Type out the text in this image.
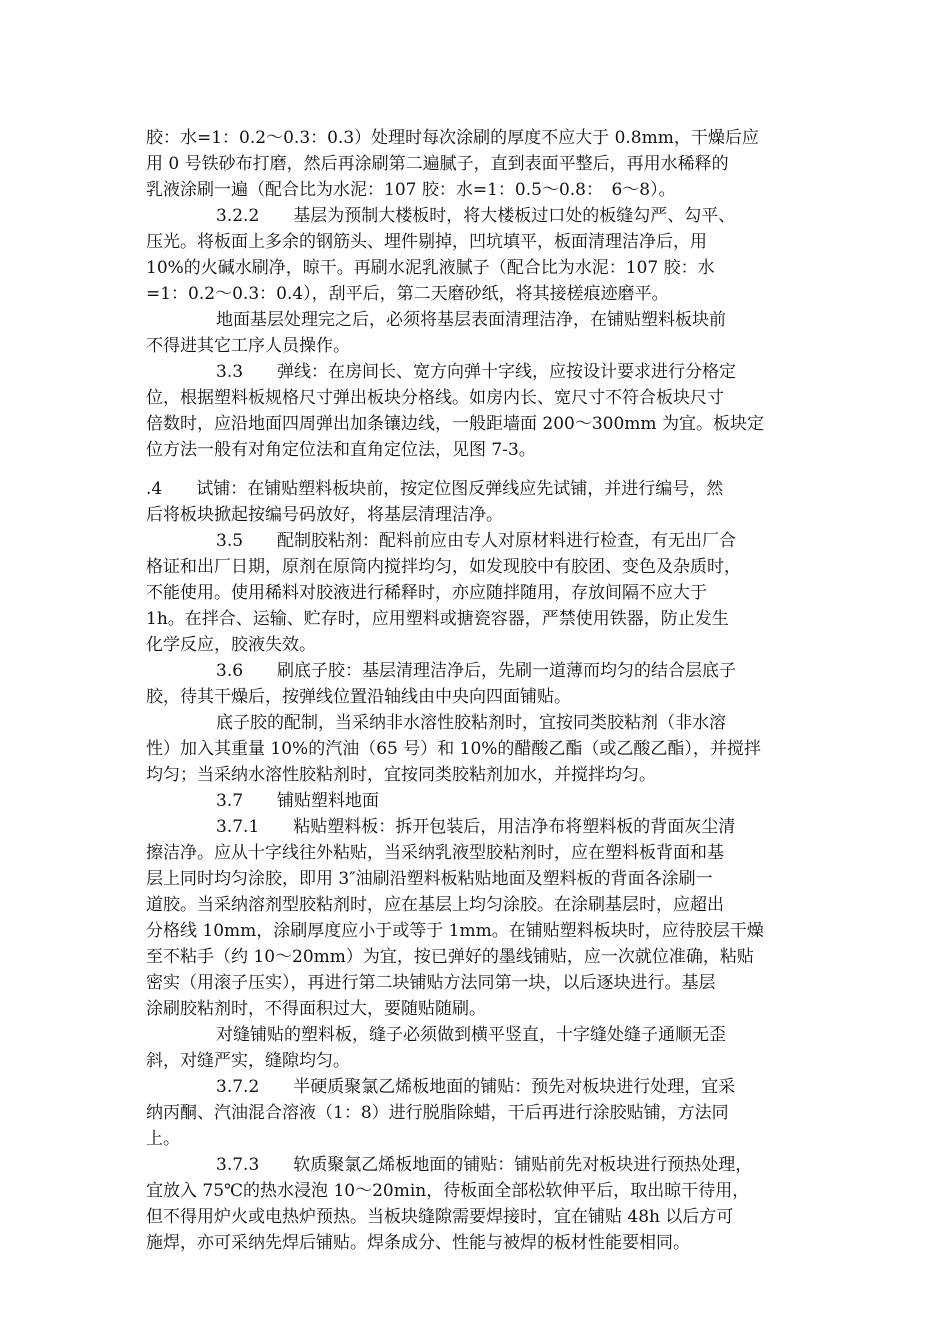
胶：水=1：0.2～0.3：0.3）处理时每次涂刷的厚度不应大于 0.8mm，干燥后应
用 0 号铁砂布打磨，然后再涂刷第二遍腻子，直到表面平整后，再用水稀释的
乳液涂刷一遍（配合比为水泥：107 胶：水=1：0.5～0.8：　6～8）。
3.2.2　　基层为预制大楼板时，将大楼板过口处的板缝勾严、勾平、
压光。将板面上多余的钢筋头、埋件剔掉，凹坑填平，板面清理洁净后，用
10%的火碱水刷净，晾干。再刷水泥乳液腻子（配合比为水泥：107 胶：水
=1：0.2～0.3：0.4），刮平后，第二天磨砂纸，将其接槎痕迹磨平。
地面基层处理完之后，必须将基层表面清理洁净，在铺贴塑料板块前
不得进其它工序人员操作。
3.3　　弹线：在房间长、宽方向弹十字线，应按设计要求进行分格定
位，根据塑料板规格尺寸弹出板块分格线。如房内长、宽尺寸不符合板块尺寸
倍数时，应沿地面四周弹出加条镶边线，一般距墙面 200～300mm 为宜。板块定
位方法一般有对角定位法和直角定位法，见图 7-3。
.4　　试铺：在铺贴塑料板块前，按定位图反弹线应先试铺，并进行编号，然
后将板块掀起按编号码放好，将基层清理洁净。
3.5　　配制胶粘剂：配料前应由专人对原材料进行检查，有无出厂合
格证和出厂日期，原剂在原筒内搅拌均匀，如发现胶中有胶团、变色及杂质时，
不能使用。使用稀料对胶液进行稀释时，亦应随拌随用，存放间隔不应大于
1h。在拌合、运输、贮存时，应用塑料或搪瓷容器，严禁使用铁器，防止发生
化学反应，胶液失效。
3.6　　刷底子胶：基层清理洁净后，先刷一道薄而均匀的结合层底子
胶，待其干燥后，按弹线位置沿轴线由中央向四面铺贴。
底子胶的配制，当采纳非水溶性胶粘剂时，宜按同类胶粘剂（非水溶
性）加入其重量 10%的汽油（65 号）和 10%的醋酸乙酯（或乙酸乙酯），并搅拌
均匀；当采纳水溶性胶粘剂时，宜按同类胶粘剂加水，并搅拌均匀。
3.7　　铺贴塑料地面
3.7.1　　粘贴塑料板：拆开包装后，用洁净布将塑料板的背面灰尘清
擦洁净。应从十字线往外粘贴，当采纳乳液型胶粘剂时，应在塑料板背面和基
层上同时均匀涂胶，即用 3″油刷沿塑料板粘贴地面及塑料板的背面各涂刷一
道胶。当采纳溶剂型胶粘剂时，应在基层上均匀涂胶。在涂刷基层时，应超出
分格线 10mm，涂刷厚度应小于或等于 1mm。在铺贴塑料板块时，应待胶层干燥
至不粘手（约 10～20mm）为宜，按已弹好的墨线铺贴，应一次就位准确，粘贴
密实（用滚子压实），再进行第二块铺贴方法同第一块，以后逐块进行。基层
涂刷胶粘剂时，不得面积过大，要随贴随刷。
对缝铺贴的塑料板，缝子必须做到横平竖直，十字缝处缝子通顺无歪
斜，对缝严实，缝隙均匀。
3.7.2　　半硬质聚氯乙烯板地面的铺贴：预先对板块进行处理，宜采
纳丙酮、汽油混合溶液（1：8）进行脱脂除蜡，干后再进行涂胶贴铺，方法同
上。
3.7.3　　软质聚氯乙烯板地面的铺贴：铺贴前先对板块进行预热处理，
宜放入 75℃的热水浸泡 10～20min，待板面全部松软伸平后，取出晾干待用，
但不得用炉火或电热炉预热。当板块缝隙需要焊接时，宜在铺贴 48h 以后方可
施焊，亦可采纳先焊后铺贴。焊条成分、性能与被焊的板材性能要相同。
